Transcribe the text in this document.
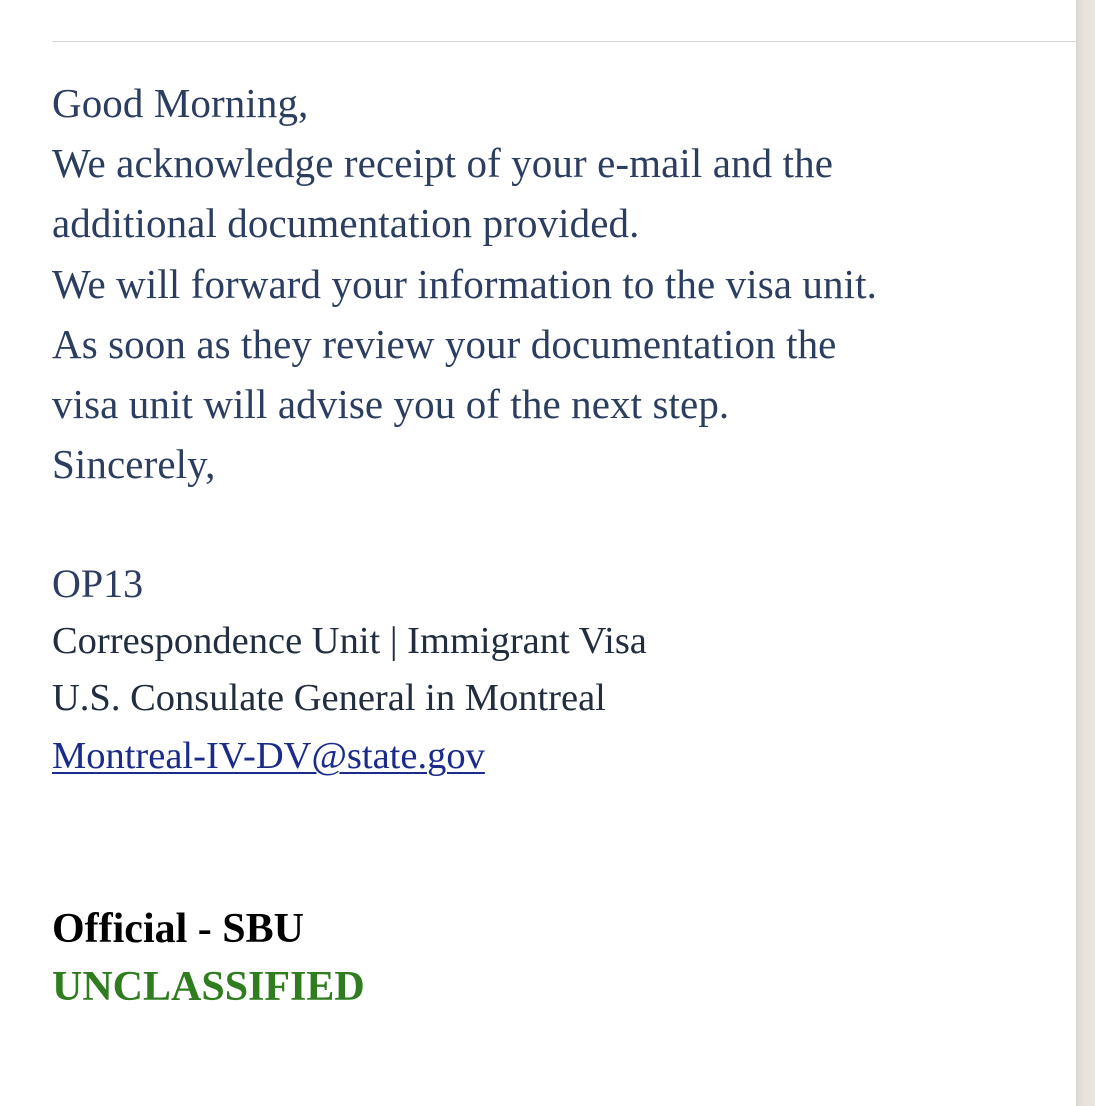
Good Morning,
We acknowledge receipt of your e-mail and the
additional documentation provided.
We will forward your information to the visa unit.
As soon as they review your documentation the
visa unit will advise you of the next step.
Sincerely,
OP13
Correspondence Unit | Immigrant Visa
U.S. Consulate General in Montreal
Montreal-IV-DV@state.gov
Official - SBU
UNCLASSIFIED
